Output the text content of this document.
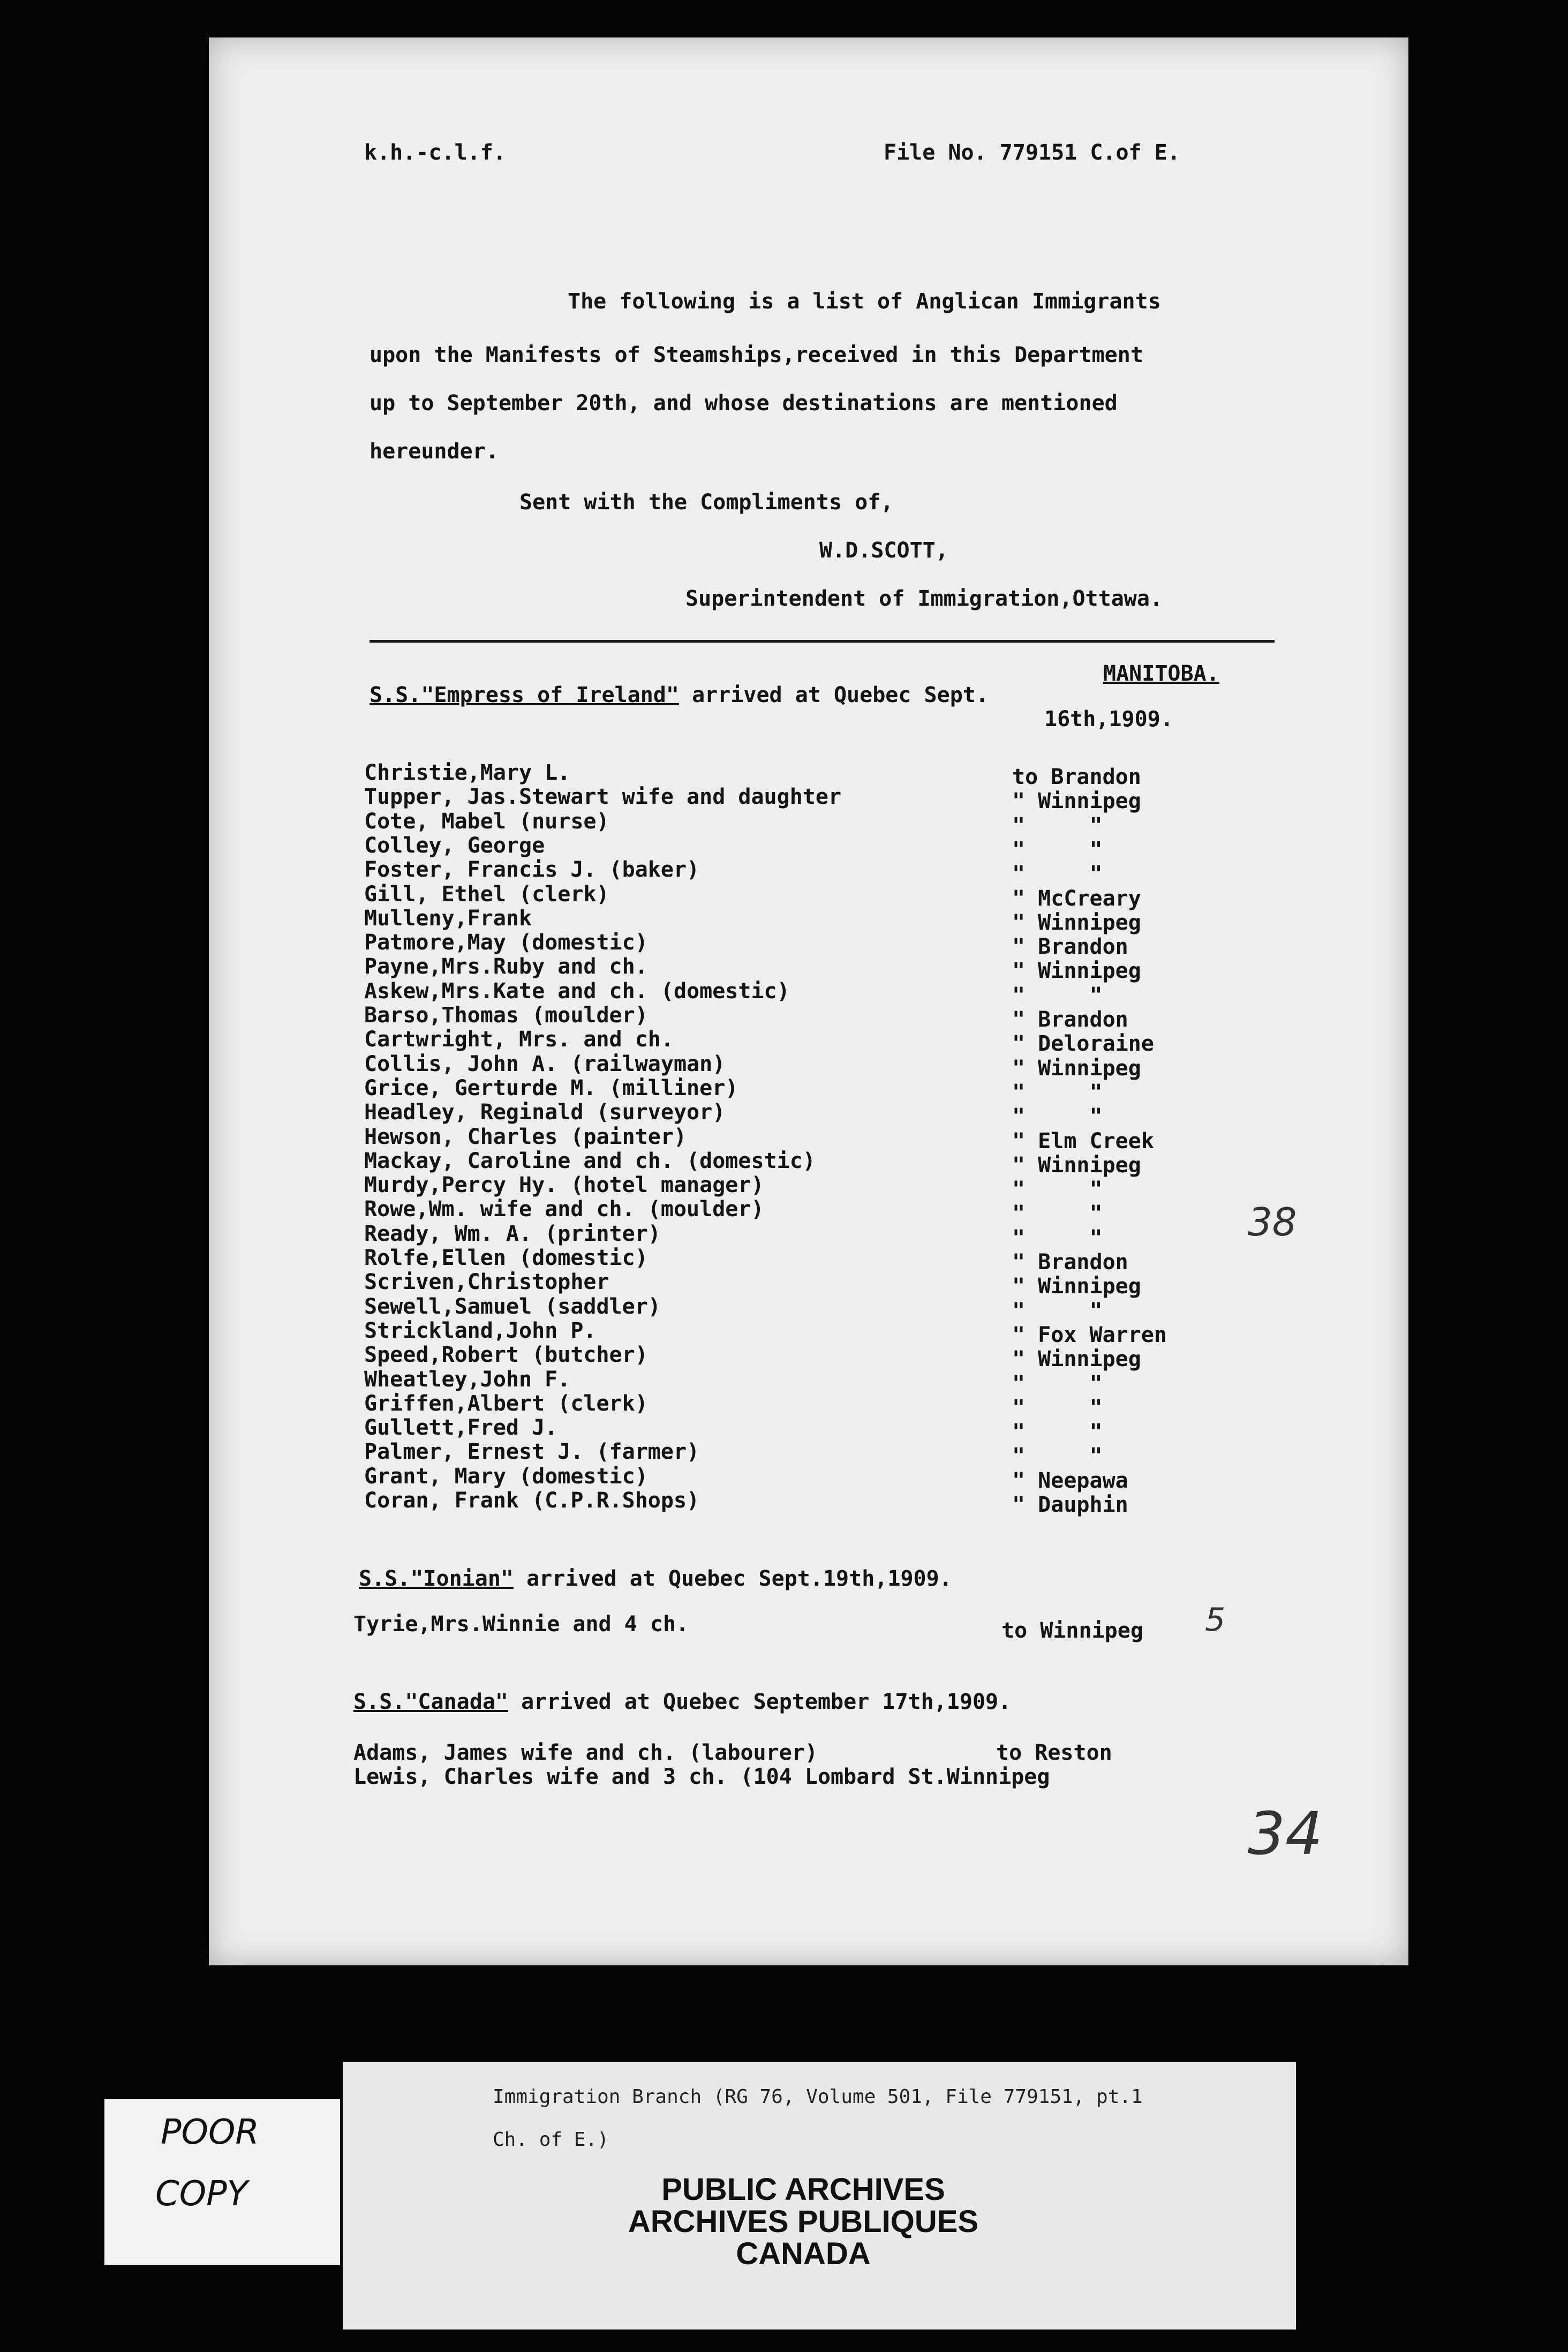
k.h.-c.l.f.	File No. 779151 C.of E.
The following is a list of Anglican Immigrants
upon the Manifests of Steamships,received in this Department
up to September 20th, and whose destinations are mentioned
hereunder.
Sent with the Compliments of,
W.D.SCOTT,
Superintendent of Immigration,Ottawa.
MANITOBA.
S.S."Empress of Ireland" arrived at Quebec Sept.
16th,1909.
Christie,Mary L.	to Brandon
Tupper, Jas.Stewart wife and daughter	" Winnipeg
Cote, Mabel (nurse)	"     "
Colley, George	"     "
Foster, Francis J. (baker)	"     "
Gill, Ethel (clerk)	" McCreary
Mulleny,Frank	" Winnipeg
Patmore,May (domestic)	" Brandon
Payne,Mrs.Ruby and ch.	" Winnipeg
Askew,Mrs.Kate and ch. (domestic)	"     "
Barso,Thomas (moulder)	" Brandon
Cartwright, Mrs. and ch.	" Deloraine
Collis, John A. (railwayman)	" Winnipeg
Grice, Gerturde M. (milliner)	"     "
Headley, Reginald (surveyor)	"     "
Hewson, Charles (painter)	" Elm Creek
Mackay, Caroline and ch. (domestic)	" Winnipeg
Murdy,Percy Hy. (hotel manager)	"     "
Rowe,Wm. wife and ch. (moulder)	"     "
Ready, Wm. A. (printer)	"     "
Rolfe,Ellen (domestic)	" Brandon
Scriven,Christopher	" Winnipeg
Sewell,Samuel (saddler)	"     "
Strickland,John P.	" Fox Warren
Speed,Robert (butcher)	" Winnipeg
Wheatley,John F.	"     "
Griffen,Albert (clerk)	"     "
Gullett,Fred J.	"     "
Palmer, Ernest J. (farmer)	"     "
Grant, Mary (domestic)	" Neepawa
Coran, Frank (C.P.R.Shops)	" Dauphin
S.S."Ionian" arrived at Quebec Sept.19th,1909.
Tyrie,Mrs.Winnie and 4 ch.	to Winnipeg
S.S."Canada" arrived at Quebec September 17th,1909.
Adams, James wife and ch. (labourer)	to Reston
Lewis, Charles wife and 3 ch. (104 Lombard St.Winnipeg
38
5
34
POOR
COPY
Immigration Branch (RG 76, Volume 501, File 779151, pt.1
Ch. of E.)
PUBLIC ARCHIVES
ARCHIVES PUBLIQUES
CANADA
